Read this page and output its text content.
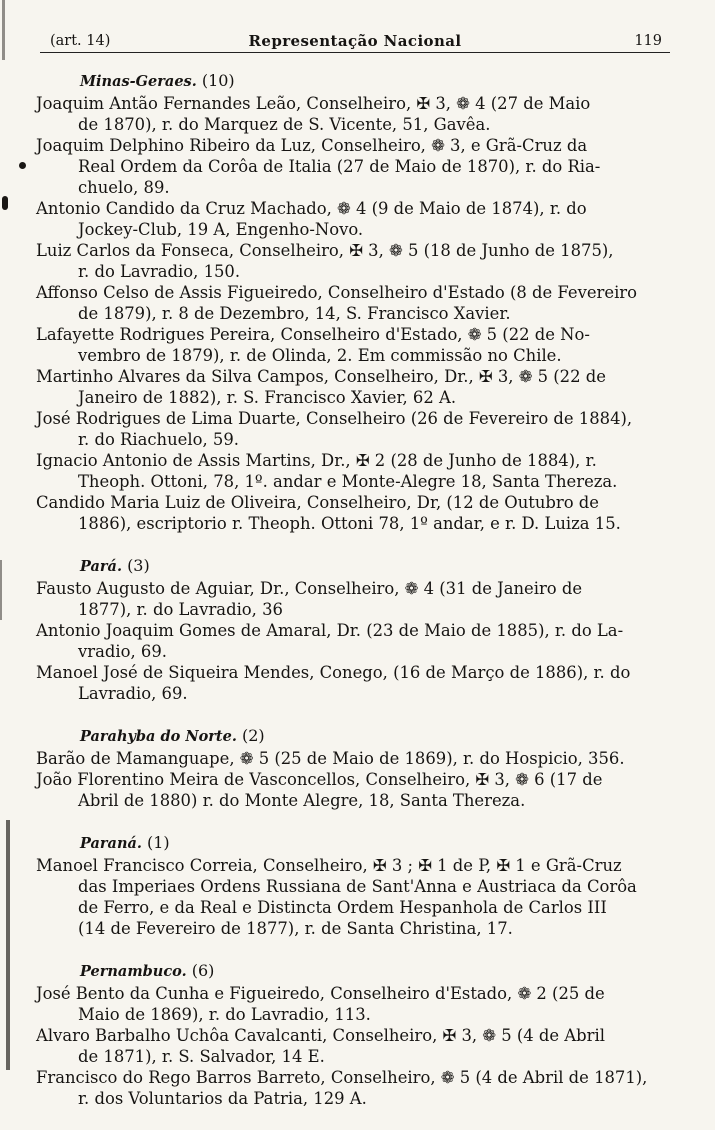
(art. 14)	Representação Nacional	119
Minas-Geraes. (10)
Joaquim Antão Fernandes Leão, Conselheiro, ✠ 3, ❁ 4 (27 de Maio
de 1870), r. do Marquez de S. Vicente, 51, Gavêa.
Joaquim Delphino Ribeiro da Luz, Conselheiro, ❁ 3, e Grã-Cruz da
Real Ordem da Corôa de Italia (27 de Maio de 1870), r. do Ria-
chuelo, 89.
Antonio Candido da Cruz Machado, ❁ 4 (9 de Maio de 1874), r. do
Jockey-Club, 19 A, Engenho-Novo.
Luiz Carlos da Fonseca, Conselheiro, ✠ 3, ❁ 5 (18 de Junho de 1875),
r. do Lavradio, 150.
Affonso Celso de Assis Figueiredo, Conselheiro d'Estado (8 de Fevereiro
de 1879), r. 8 de Dezembro, 14, S. Francisco Xavier.
Lafayette Rodrigues Pereira, Conselheiro d'Estado, ❁ 5 (22 de No-
vembro de 1879), r. de Olinda, 2. Em commissão no Chile.
Martinho Alvares da Silva Campos, Conselheiro, Dr., ✠ 3, ❁ 5 (22 de
Janeiro de 1882), r. S. Francisco Xavier, 62 A.
José Rodrigues de Lima Duarte, Conselheiro (26 de Fevereiro de 1884),
r. do Riachuelo, 59.
Ignacio Antonio de Assis Martins, Dr., ✠ 2 (28 de Junho de 1884), r.
Theoph. Ottoni, 78, 1º. andar e Monte-Alegre 18, Santa Thereza.
Candido Maria Luiz de Oliveira, Conselheiro, Dr, (12 de Outubro de
1886), escriptorio r. Theoph. Ottoni 78, 1º andar, e r. D. Luiza 15.
Pará. (3)
Fausto Augusto de Aguiar, Dr., Conselheiro, ❁ 4 (31 de Janeiro de
1877), r. do Lavradio, 36
Antonio Joaquim Gomes de Amaral, Dr. (23 de Maio de 1885), r. do La-
vradio, 69.
Manoel José de Siqueira Mendes, Conego, (16 de Março de 1886), r. do
Lavradio, 69.
Parahyba do Norte. (2)
Barão de Mamanguape, ❁ 5 (25 de Maio de 1869), r. do Hospicio, 356.
João Florentino Meira de Vasconcellos, Conselheiro, ✠ 3, ❁ 6 (17 de
Abril de 1880) r. do Monte Alegre, 18, Santa Thereza.
Paraná. (1)
Manoel Francisco Correia, Conselheiro, ✠ 3 ; ✠ 1 de P, ✠ 1 e Grã-Cruz
das Imperiaes Ordens Russiana de Sant'Anna e Austriaca da Corôa
de Ferro, e da Real e Distincta Ordem Hespanhola de Carlos III
(14 de Fevereiro de 1877), r. de Santa Christina, 17.
Pernambuco. (6)
José Bento da Cunha e Figueiredo, Conselheiro d'Estado, ❁ 2 (25 de
Maio de 1869), r. do Lavradio, 113.
Alvaro Barbalho Uchôa Cavalcanti, Conselheiro, ✠ 3, ❁ 5 (4 de Abril
de 1871), r. S. Salvador, 14 E.
Francisco do Rego Barros Barreto, Conselheiro, ❁ 5 (4 de Abril de 1871),
r. dos Voluntarios da Patria, 129 A.
